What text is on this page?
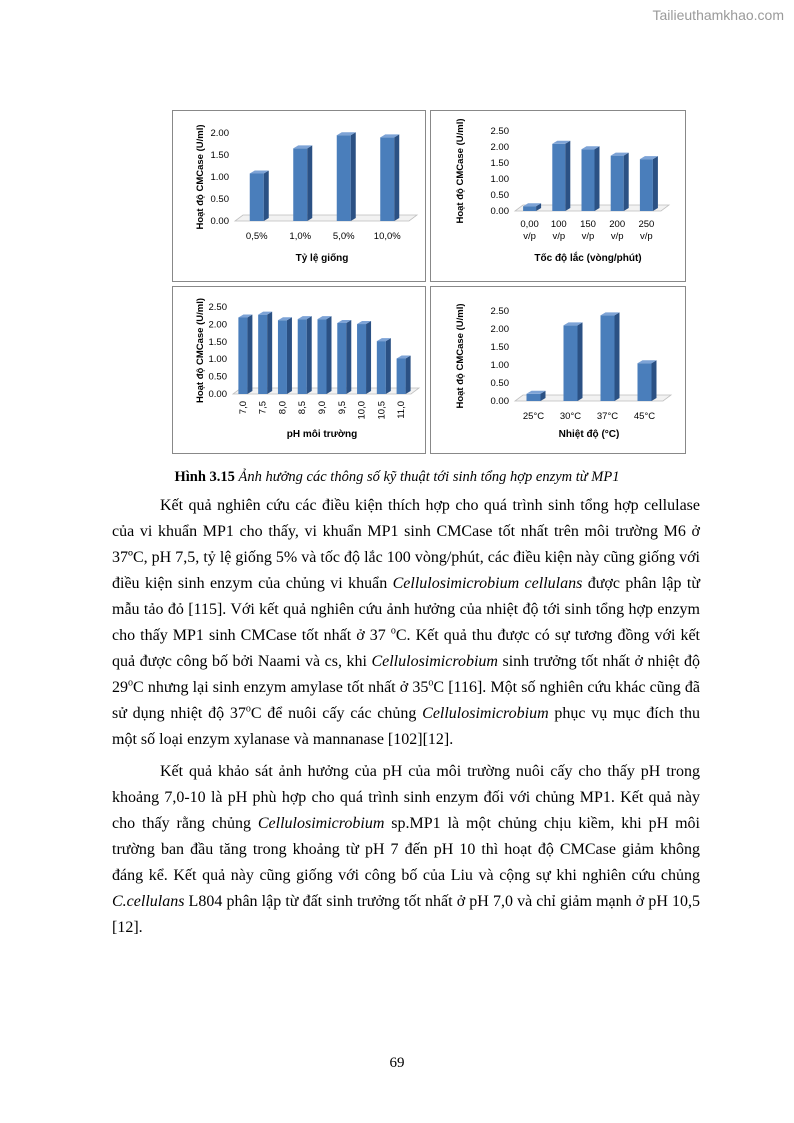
Tailieuthamkhao.com
0.00
0.50
1.00
1.50
2.00
0,5% 1,0% 5,0% 10,0%
Tỷ lệ giống
Hoạt độ CMCase (U/ml)	0.00
0.50
1.00
1.50
2.00
2.50
0,00
v/p
100
v/p
150
v/p
200
v/p
250
v/p
Tốc độ lắc (vòng/phút)
Hoạt độ CMCase (U/ml)
0.00
0.50
1.00
1.50
2.00
2.50
7,0 7,5 8,0 8,5 9,0 9,5 10,0 10,5 11,0
pH môi trường
Hoạt độ CMCase (U/ml)	0.00
0.50
1.00
1.50
2.00
2.50
25°C 30°C 37°C 45°C
Nhiệt độ (°C)
Hoạt độ CMCase (U/ml)
Hình 3.15 Ảnh hưởng các thông số kỹ thuật tới sinh tổng hợp enzym từ MP1

Kết quả nghiên cứu các điều kiện thích hợp cho quá trình sinh tổng hợp cellulase của vi khuẩn MP1 cho thấy, vi khuẩn MP1 sinh CMCase tốt nhất trên môi trường M6 ở 37ºC, pH 7,5, tỷ lệ giống 5% và tốc độ lắc 100 vòng/phút, các điều kiện này cũng giống với điều kiện sinh enzym của chủng vi khuẩn Cellulosimicrobium cellulans được phân lập từ mẫu tảo đỏ [115]. Với kết quả nghiên cứu ảnh hưởng của nhiệt độ tới sinh tổng hợp enzym cho thấy MP1 sinh CMCase tốt nhất ở 37 $^o$C. Kết quả thu được có sự tương đồng với kết quả được công bố bởi Naami và cs, khi Cellulosimicrobium sinh trưởng tốt nhất ở nhiệt độ 29$^o$C nhưng lại sinh enzym amylase tốt nhất ở 35$^o$C [116]. Một số nghiên cứu khác cũng đã sử dụng nhiệt độ 37$^o$C để nuôi cấy các chủng Cellulosimicrobium phục vụ mục đích thu một số loại enzym xylanase và mannanase [102][12].

Kết quả khảo sát ảnh hưởng của pH của môi trường nuôi cấy cho thấy pH trong khoảng 7,0-10 là pH phù hợp cho quá trình sinh enzym đối với chủng MP1. Kết quả này cho thấy rằng chủng Cellulosimicrobium sp.MP1 là một chủng chịu kiềm, khi pH môi trường ban đầu tăng trong khoảng từ pH 7 đến pH 10 thì hoạt độ CMCase giảm không đáng kể. Kết quả này cũng giống với công bố của Liu và cộng sự khi nghiên cứu chủng C.cellulans L804 phân lập từ đất sinh trưởng tốt nhất ở pH 7,0 và chỉ giảm mạnh ở pH 10,5 [12].

69
